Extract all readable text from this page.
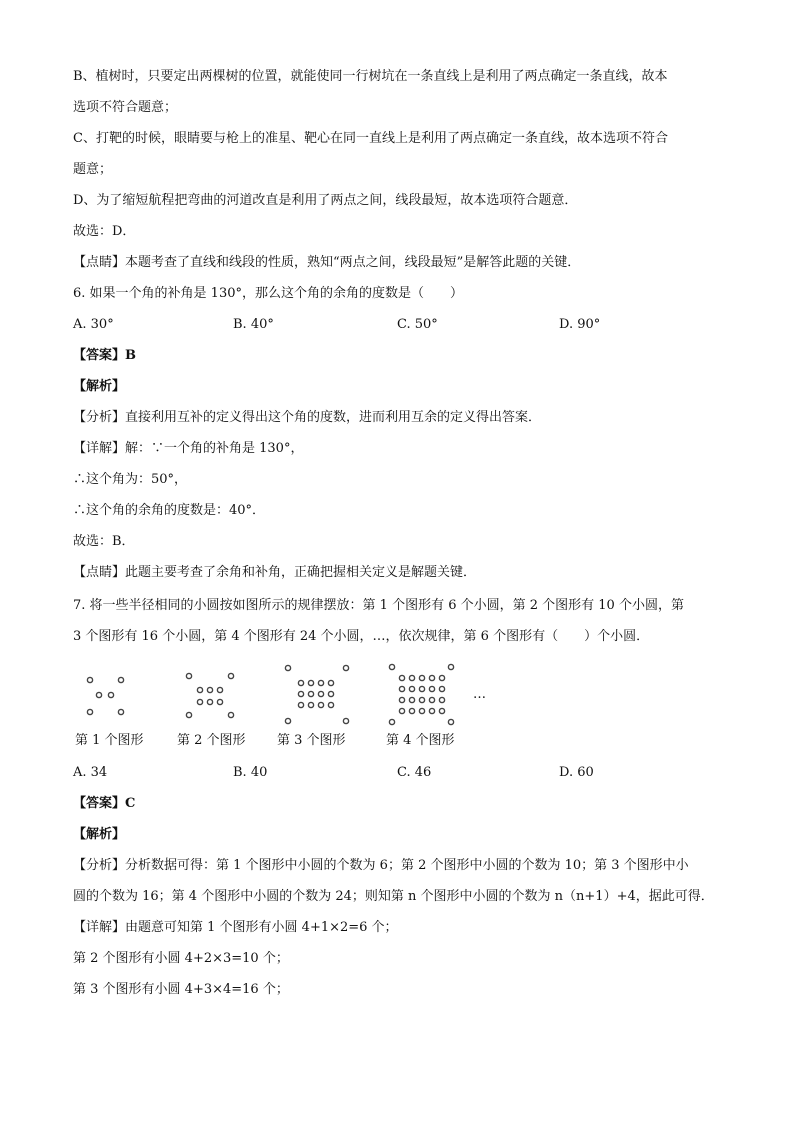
B、植树时，只要定出两棵树的位置，就能使同一行树坑在一条直线上是利用了两点确定一条直线，故本
选项不符合题意；
C、打靶的时候，眼睛要与枪上的准星、靶心在同一直线上是利用了两点确定一条直线，故本选项不符合
题意；
D、为了缩短航程把弯曲的河道改直是利用了两点之间，线段最短，故本选项符合题意．
故选：D．
【点睛】本题考查了直线和线段的性质，熟知“两点之间，线段最短”是解答此题的关键．
6. 如果一个角的补角是 130°，那么这个角的余角的度数是（　　）
A. 30°	B. 40°	C. 50°	D. 90°
【答案】B
【解析】
【分析】直接利用互补的定义得出这个角的度数，进而利用互余的定义得出答案．
【详解】解：∵一个角的补角是 130°，
∴这个角为：50°，
∴这个角的余角的度数是：40°．
故选：B．
【点睛】此题主要考查了余角和补角，正确把握相关定义是解题关键．
7. 将一些半径相同的小圆按如图所示的规律摆放：第 1 个图形有 6 个小圆，第 2 个图形有 10 个小圆，第
3 个图形有 16 个小圆，第 4 个图形有 24 个小圆，…，依次规律，第 6 个图形有（　　）个小圆．
…
第 1 个图形	第 2 个图形 第 3 个图形	第 4 个图形
A. 34	B. 40	C. 46	D. 60
【答案】C
【解析】
【分析】分析数据可得：第 1 个图形中小圆的个数为 6；第 2 个图形中小圆的个数为 10；第 3 个图形中小
圆的个数为 16；第 4 个图形中小圆的个数为 24；则知第 n 个图形中小圆的个数为 n（n+1）+4，据此可得．
【详解】由题意可知第 1 个图形有小圆 4+1×2=6 个；
第 2 个图形有小圆 4+2×3=10 个；
第 3 个图形有小圆 4+3×4=16 个；
